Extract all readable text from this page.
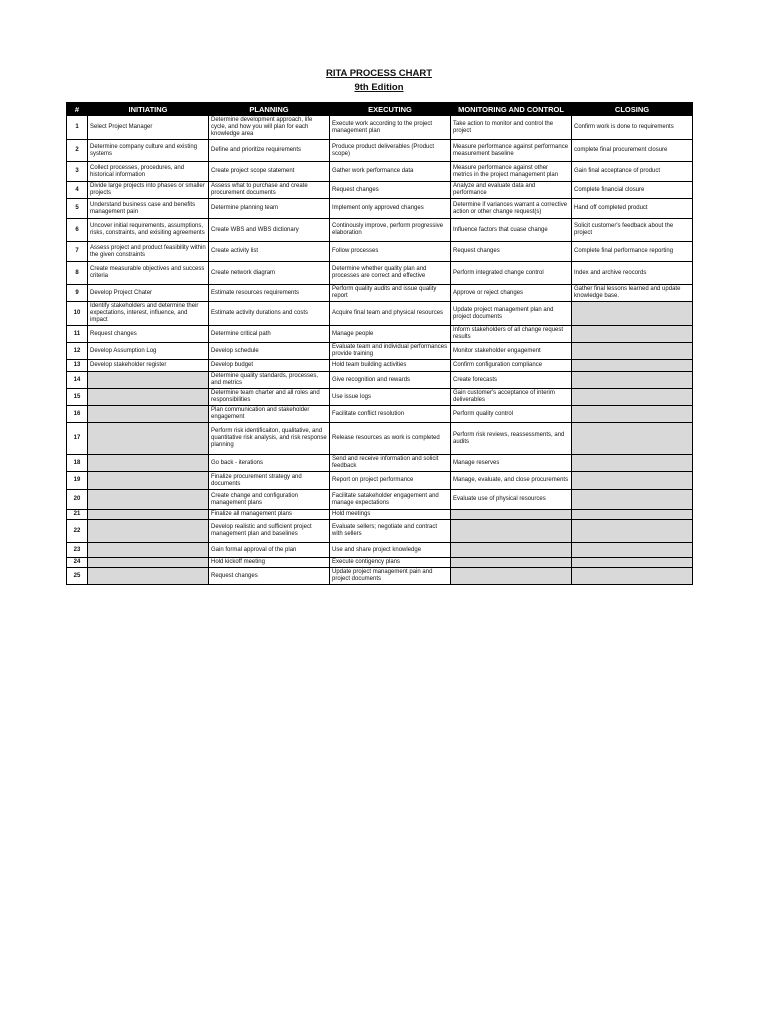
RITA PROCESS CHART
9th Edition
#	INITIATING	PLANNING	EXECUTING	MONITORING AND CONTROL	CLOSING
1	Select Project Manager	Determine development approach, life cycle, and how you will plan for each knowledge area	Execute work according to the project management plan	Take action to monitor and control the project	Confirm work is done to requirements
2	Determine company culture and existing systems	Define and prioritize requirements	Produce product deliverables (Product scope)	Measure performance against performance measurement baseline	complete final procurement closure
3	Collect processes, procedures, and historical information	Create project scope statement	Gather work performance data	Measure performance against other metrics in the project management plan	Gain final acceptance of product
4	Divide large projects into phases or smaller projects	Assess what to purchase and create procurement documents	Request changes	Analyze and evaluate data and performance	Complete financial closure
5	Understand business case and benefits management pain	Determine planning team	Implement only approved changes	Determine if variances warrant a corrective action or other change request(s)	Hand off completed product
6	Uncover initial requirements, assumptions, risks, constraints, and exisiting agreements	Create WBS and WBS dictionary	Continously improve, perform progressive elaboration	Influence factors that cuase change	Solicit customer's feedback about the project
7	Assess project and product feasibility within the given constraints	Create activity list	Follow processes	Request changes	Complete final performance reporting
8	Create measurable objectives and success criteria	Create network diagram	Determine whether quality plan and processes are correct and effective	Perform integrated change control	Index and archive reocords
9	Develop Project Chater	Estimate resources requirements	Perform quality audits and issue quality report	Approve or reject changes	Gather final lessons learned and update knowledge base.
10	Identify stakeholders and determine their expectations, interest, influence, and impact	Estimate activity durations and costs	Acquire final team and physical resources	Update project management plan and project documents	
11	Request changes	Determine critical path	Manage people	Inform stakeholders of all change request results	
12	Develop Assumption Log	Develop schedule	Evaluate team and individual performances provide training	Monitor stakeholder engagement	
13	Develop stakeholder register	Develop budget	Hold team building activities	Confirm configuration compliance	
14		Determine quality standards, processes, and metrics	Give recognition and rewards	Create forecasts	
15		Determine team charter and all roles and responsibilities	Use issue logs	Gain customer's acceptance of interim deliverables	
16		Plan communication and stakeholder engagement	Facilitate conflict resolution	Perform quality control	
17		Perform risk identificaiton, qualitative, and quantitative risk analysis, and risk response planning	Release resources as work is completed	Perform risk reviews, reassessments, and audits	
18		Go back - iterations	Send and receive information and solicit feedback	Manage reserves	
19		Finalize procurement strategy and documents	Report on project performance	Manage, evaluate, and close procurements	
20		Create change and configuration management plans	Facilitate satakeholder engagement and manage expectations	Evaluate use of physical resources	
21		Finalize all management plans	Hold meetings		
22		Develop realistic and sufficient project management plan and baselines	Evaluate sellers; negotiate and contract with sellers		
23		Gain formal approval of the plan	Use and share project knowledge		
24		Hold kickoff meeting	Execute contigency plans		
25		Request changes	Update project management pain and project documents		
